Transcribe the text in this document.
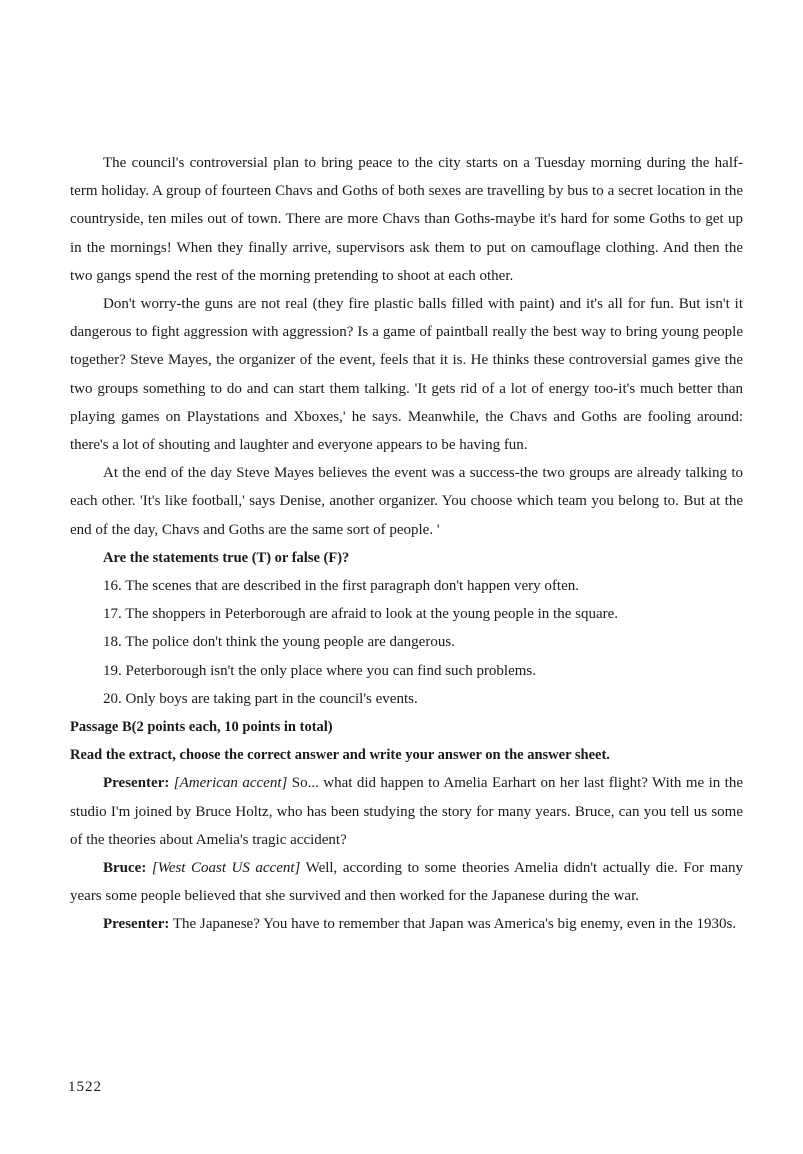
The council's controversial plan to bring peace to the city starts on a Tuesday morning during the half-term holiday. A group of fourteen Chavs and Goths of both sexes are travelling by bus to a secret location in the countryside, ten miles out of town. There are more Chavs than Goths-maybe it's hard for some Goths to get up in the mornings! When they finally arrive, supervisors ask them to put on camouflage clothing. And then the two gangs spend the rest of the morning pretending to shoot at each other.

Don't worry-the guns are not real (they fire plastic balls filled with paint) and it's all for fun. But isn't it dangerous to fight aggression with aggression? Is a game of paintball really the best way to bring young people together? Steve Mayes, the organizer of the event, feels that it is. He thinks these controversial games give the two groups something to do and can start them talking. 'It gets rid of a lot of energy too-it's much better than playing games on Playstations and Xboxes,' he says. Meanwhile, the Chavs and Goths are fooling around: there's a lot of shouting and laughter and everyone appears to be having fun.

At the end of the day Steve Mayes believes the event was a success-the two groups are already talking to each other. 'It's like football,' says Denise, another organizer. You choose which team you belong to. But at the end of the day, Chavs and Goths are the same sort of people. '

Are the statements true (T) or false (F)?

16. The scenes that are described in the first paragraph don't happen very often.

17. The shoppers in Peterborough are afraid to look at the young people in the square.

18. The police don't think the young people are dangerous.

19. Peterborough isn't the only place where you can find such problems.

20. Only boys are taking part in the council's events.

Passage B(2 points each, 10 points in total)

Read the extract, choose the correct answer and write your answer on the answer sheet.

Presenter: [American accent] So... what did happen to Amelia Earhart on her last flight? With me in the studio I'm joined by Bruce Holtz, who has been studying the story for many years. Bruce, can you tell us some of the theories about Amelia's tragic accident?

Bruce: [West Coast US accent] Well, according to some theories Amelia didn't actually die. For many years some people believed that she survived and then worked for the Japanese during the war.

Presenter: The Japanese? You have to remember that Japan was America's big enemy, even in the 1930s.

1522
